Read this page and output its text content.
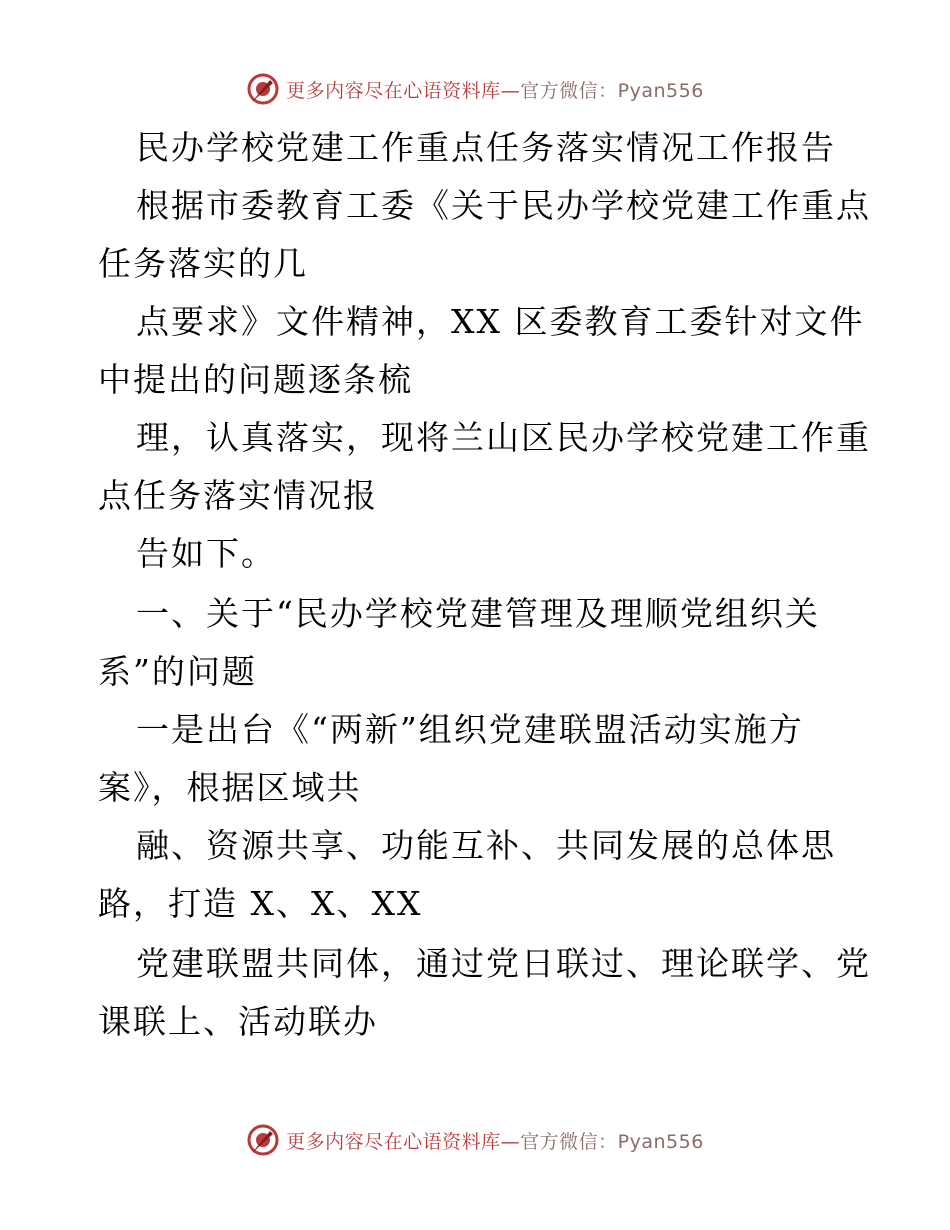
更多内容尽在心语资料库—官方微信：Pyan556
民办学校党建工作重点任务落实情况工作报告
根据市委教育工委《关于民办学校党建工作重点
任务落实的几
点要求》文件精神，XX 区委教育工委针对文件
中提出的问题逐条梳
理，认真落实，现将兰山区民办学校党建工作重
点任务落实情况报
告如下。
一、关于“民办学校党建管理及理顺党组织关
系”的问题
一是出台《“两新”组织党建联盟活动实施方
案》，根据区域共
融、资源共享、功能互补、共同发展的总体思
路，打造 X、X、XX
党建联盟共同体，通过党日联过、理论联学、党
课联上、活动联办
更多内容尽在心语资料库—官方微信：Pyan556
